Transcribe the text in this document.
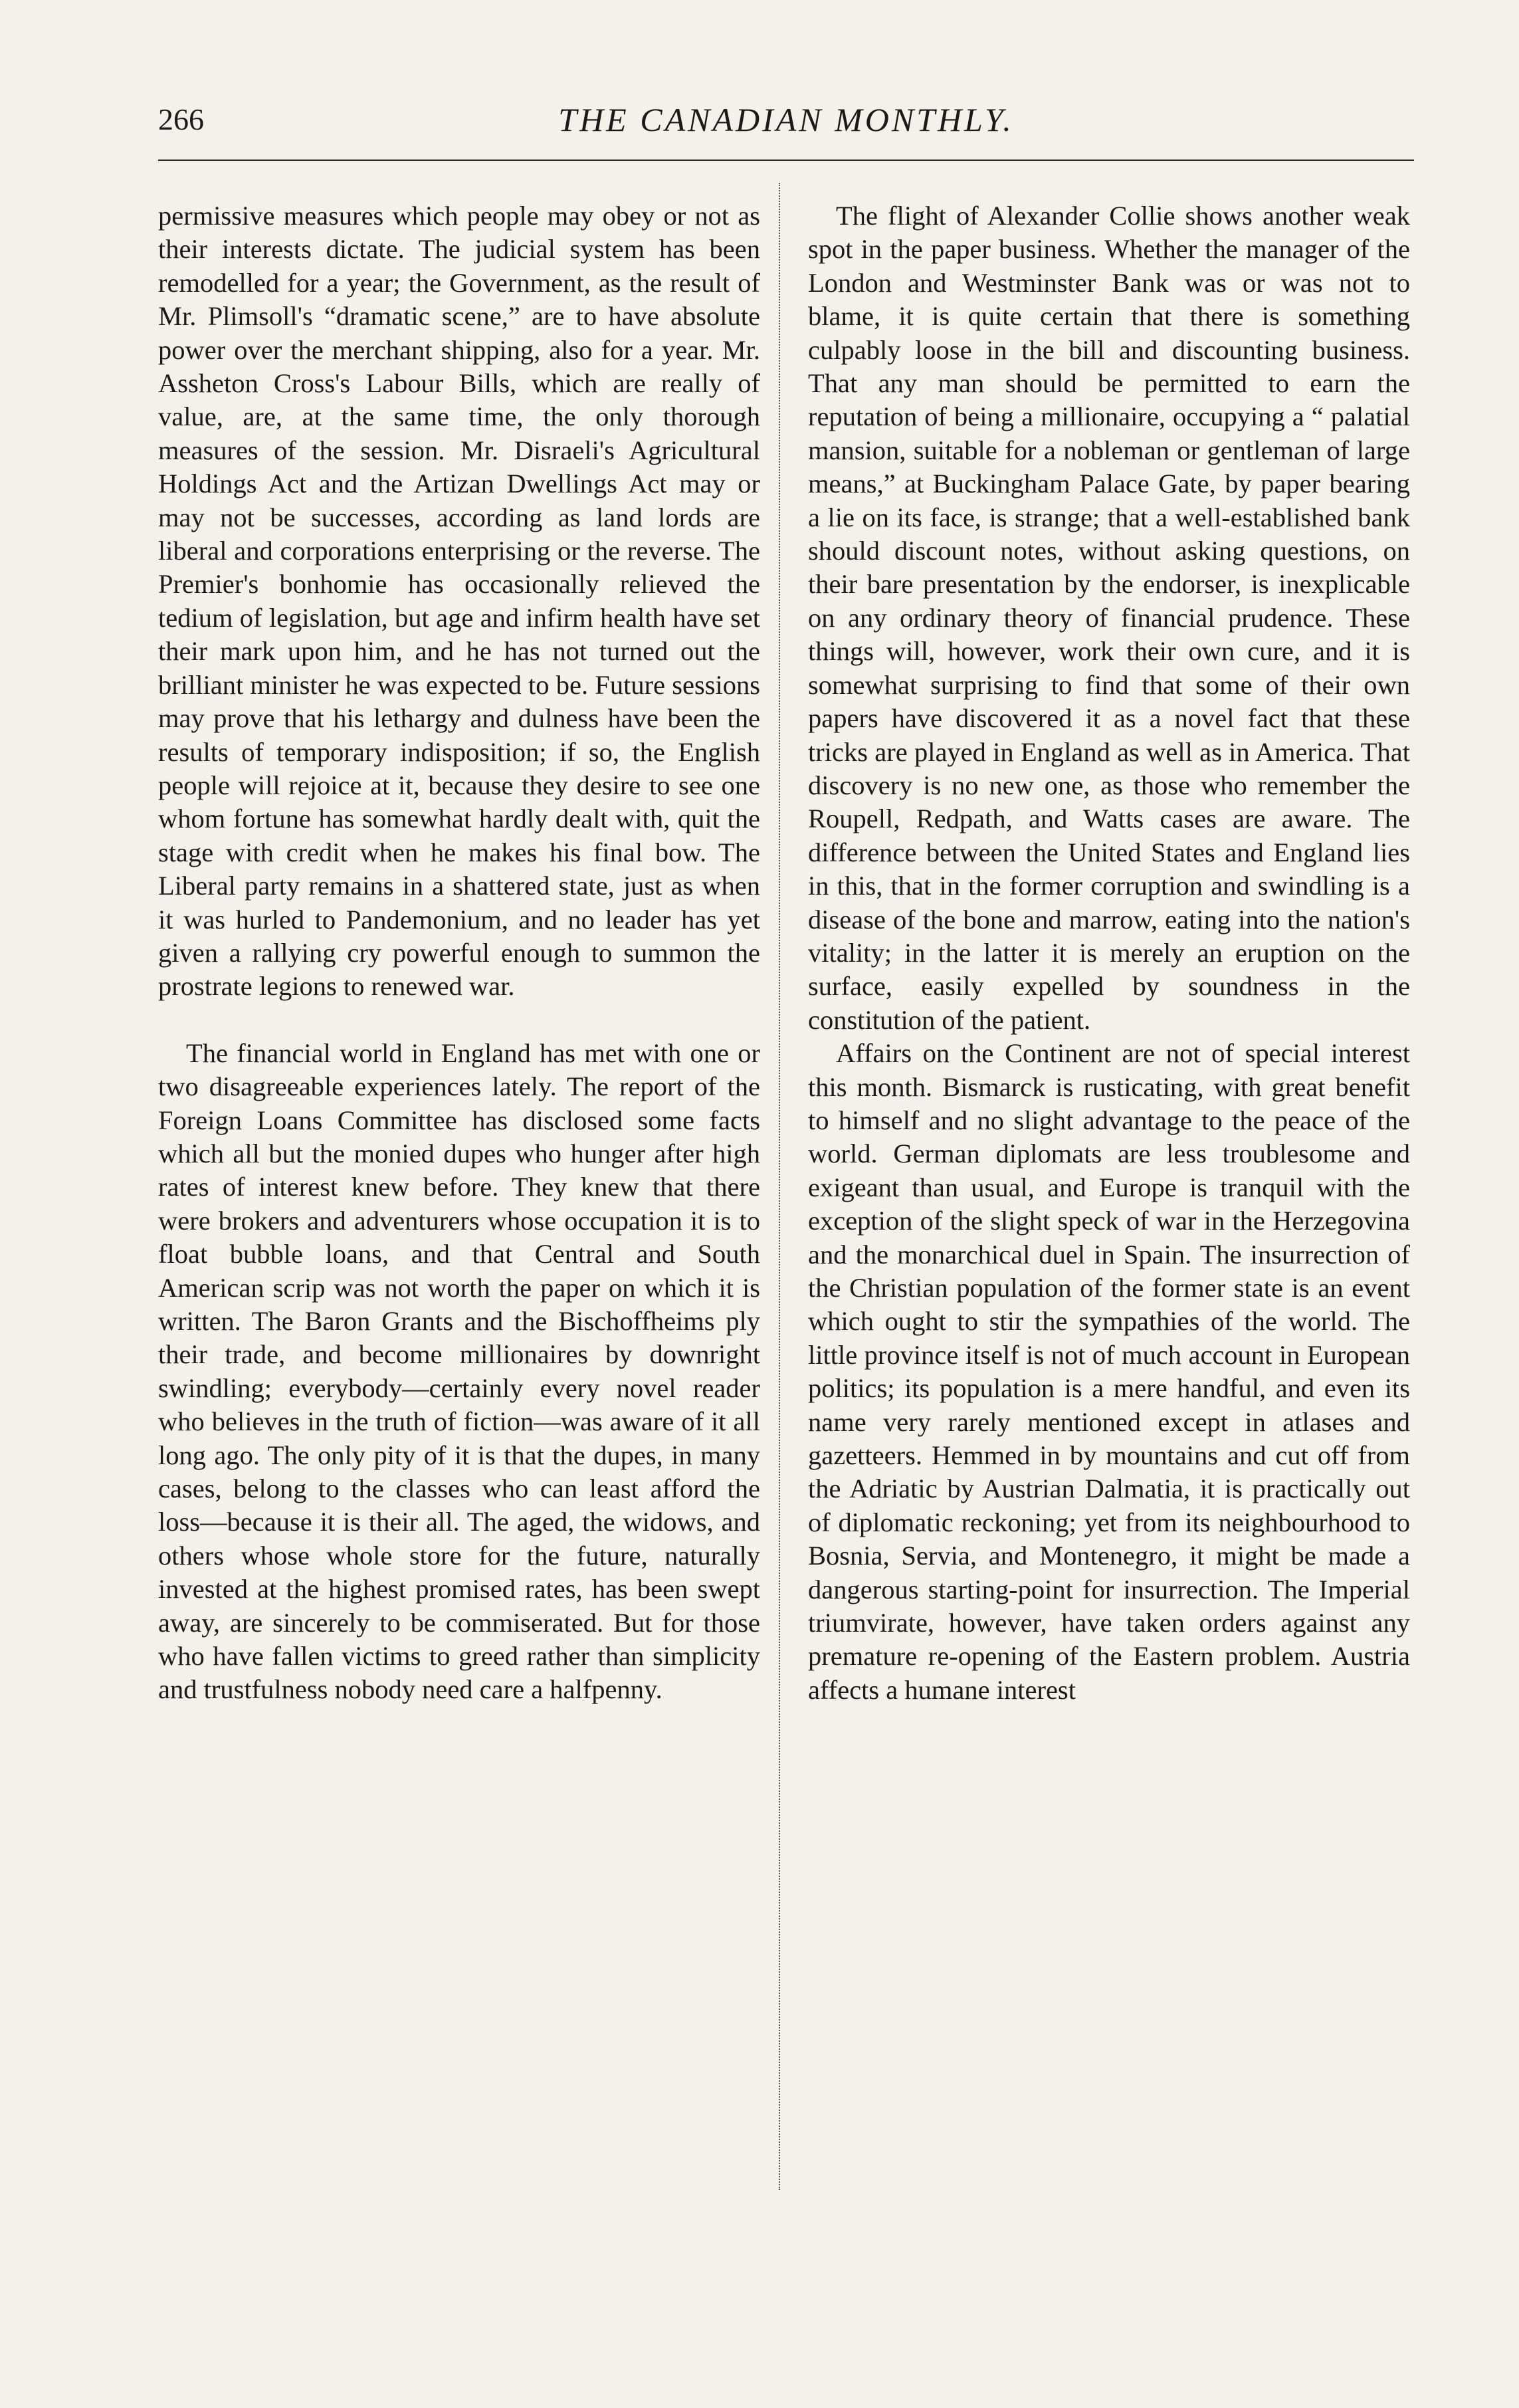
266	THE CANADIAN MONTHLY.

permissive measures which people may obey or not as their interests dictate. The judicial system has been remodelled for a year; the Government, as the result of Mr. Plimsoll's “dramatic scene,” are to have absolute power over the merchant shipping, also for a year. Mr. Assheton Cross's Labour Bills, which are really of value, are, at the same time, the only thorough measures of the session. Mr. Disraeli's Agricultural Holdings Act and the Artizan Dwellings Act may or may not be successes, according as land lords are liberal and corporations enterprising or the reverse. The Premier's bonhomie has occasionally relieved the tedium of legislation, but age and infirm health have set their mark upon him, and he has not turned out the brilliant minister he was expected to be. Future sessions may prove that his lethargy and dulness have been the results of temporary indisposition; if so, the English people will rejoice at it, because they desire to see one whom fortune has somewhat hardly dealt with, quit the stage with credit when he makes his final bow. The Liberal party remains in a shattered state, just as when it was hurled to Pandemonium, and no leader has yet given a rallying cry powerful enough to summon the prostrate legions to renewed war.

The financial world in England has met with one or two disagreeable experiences lately. The report of the Foreign Loans Committee has disclosed some facts which all but the monied dupes who hunger after high rates of interest knew before. They knew that there were brokers and adventurers whose occupation it is to float bubble loans, and that Central and South American scrip was not worth the paper on which it is written. The Baron Grants and the Bischoffheims ply their trade, and become millionaires by downright swindling; everybody—certainly every novel reader who believes in the truth of fiction—was aware of it all long ago. The only pity of it is that the dupes, in many cases, belong to the classes who can least afford the loss—because it is their all. The aged, the widows, and others whose whole store for the future, naturally invested at the highest promised rates, has been swept away, are sincerely to be commiserated. But for those who have fallen victims to greed rather than simplicity and trustfulness nobody need care a halfpenny.

The flight of Alexander Collie shows another weak spot in the paper business. Whether the manager of the London and Westminster Bank was or was not to blame, it is quite certain that there is something culpably loose in the bill and discounting business. That any man should be permitted to earn the reputation of being a millionaire, occupying a “ palatial mansion, suitable for a nobleman or gentleman of large means,” at Buckingham Palace Gate, by paper bearing a lie on its face, is strange; that a well-established bank should discount notes, without asking questions, on their bare presentation by the endorser, is inexplicable on any ordinary theory of financial prudence. These things will, however, work their own cure, and it is somewhat surprising to find that some of their own papers have discovered it as a novel fact that these tricks are played in England as well as in America. That discovery is no new one, as those who remember the Roupell, Redpath, and Watts cases are aware. The difference between the United States and England lies in this, that in the former corruption and swindling is a disease of the bone and marrow, eating into the nation's vitality; in the latter it is merely an eruption on the surface, easily expelled by soundness in the constitution of the patient.

Affairs on the Continent are not of special interest this month. Bismarck is rusticating, with great benefit to himself and no slight advantage to the peace of the world. German diplomats are less troublesome and exigeant than usual, and Europe is tranquil with the exception of the slight speck of war in the Herzegovina and the monarchical duel in Spain. The insurrection of the Christian population of the former state is an event which ought to stir the sympathies of the world. The little province itself is not of much account in European politics; its population is a mere handful, and even its name very rarely mentioned except in atlases and gazetteers. Hemmed in by mountains and cut off from the Adriatic by Austrian Dalmatia, it is practically out of diplomatic reckoning; yet from its neighbourhood to Bosnia, Servia, and Montenegro, it might be made a dangerous starting-point for insurrection. The Imperial triumvirate, however, have taken orders against any premature re-opening of the Eastern problem. Austria affects a humane interest
